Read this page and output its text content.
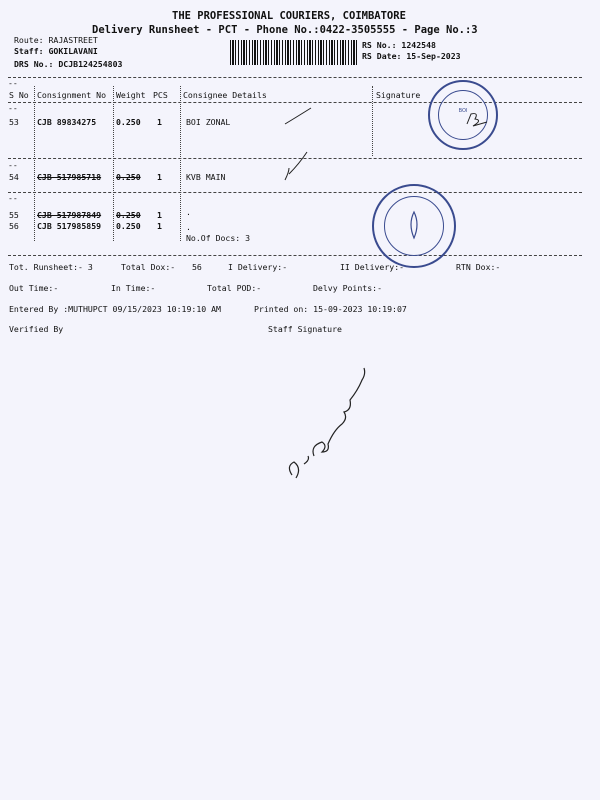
THE PROFESSIONAL COURIERS, COIMBATORE
Delivery Runsheet - PCT - Phone No.:0422-3505555 - Page No.:3
Route: RAJASTREET
Staff: GOKILAVANI
DRS No.: DCJB124254803
RS No.: 1242548
RS Date: 15-Sep-2023
--
S No Consignment No Weight PCS Consignee Details	Signature
--
53 CJB 89834275 0.250 1	BOI ZONAL
--
54 CJB 517985718 0.250 1	KVB MAIN
--
55 CJB 517987849 0.250 1	.
56 CJB 517985859 0.250 1	.
No.Of Docs: 3
Tot. Runsheet:- 3	Total Dox:- 56	I Delivery:-	II Delivery:-	RTN Dox:-
Out Time:-	In Time:-	Total POD:-	Delvy Points:-
Entered By :MUTHUPCT 09/15/2023 10:19:10 AM	Printed on: 15-09-2023 10:19:07
Verified By	Staff Signature
BOI
